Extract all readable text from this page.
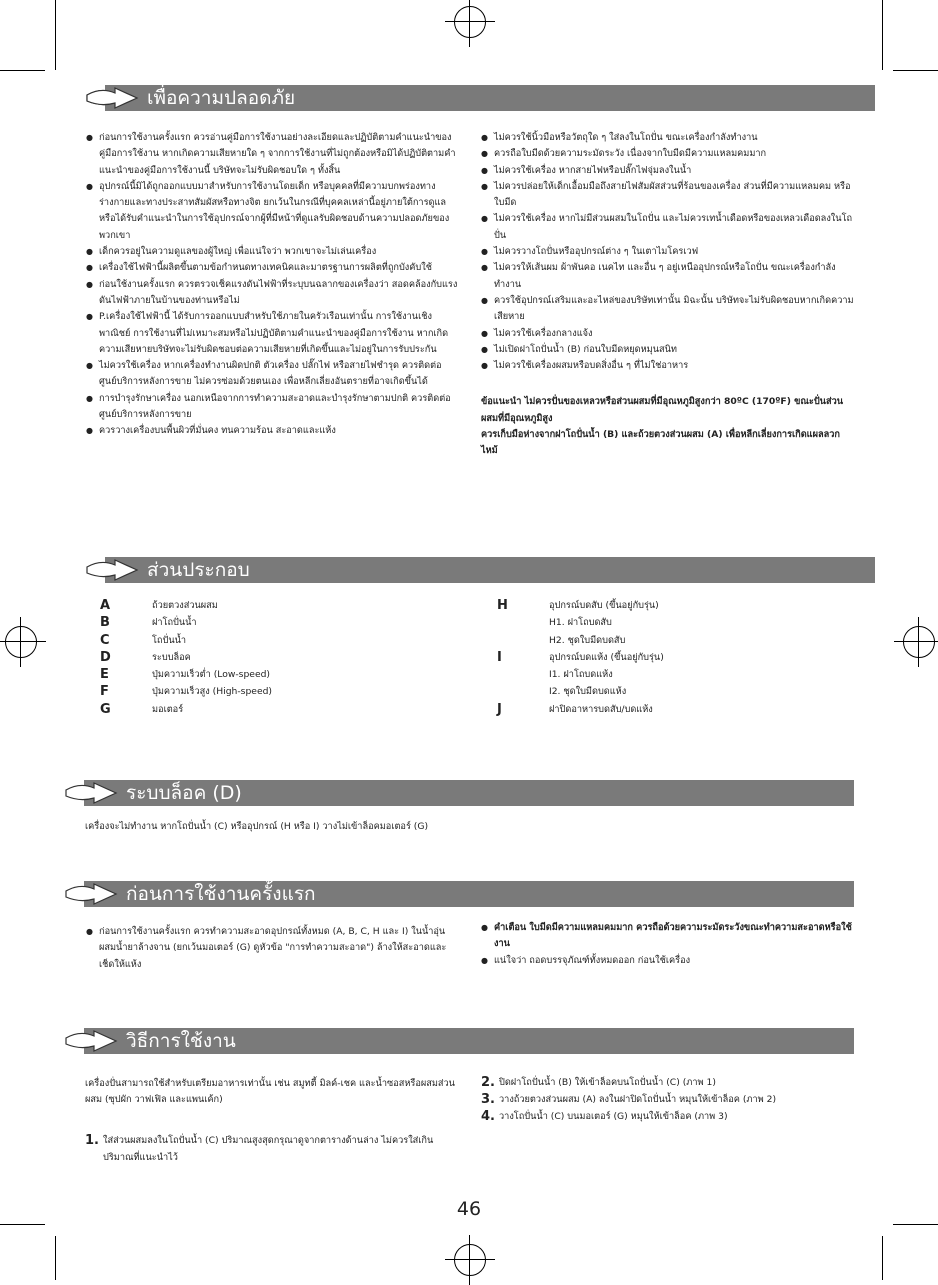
เพื่อความปลอดภัย
● ก่อนการใช้งานครั้งแรก ควรอ่านคู่มือการใช้งานอย่างละเอียดและปฏิบัติตามคำแนะนำของคู่มือการใช้งาน หากเกิดความเสียหายใด ๆ จากการใช้งานที่ไม่ถูกต้องหรือมิได้ปฏิบัติตามคำแนะนำของคู่มือการใช้งานนี้ บริษัทจะไม่รับผิดชอบใด ๆ ทั้งสิ้น
● อุปกรณ์นี้มิได้ถูกออกแบบมาสำหรับการใช้งานโดยเด็ก หรือบุคคลที่มีความบกพร่องทางร่างกายและทางประสาทสัมผัสหรือทางจิต ยกเว้นในกรณีที่บุคคลเหล่านี้อยู่ภายใต้การดูแลหรือได้รับคำแนะนำในการใช้อุปกรณ์จากผู้ที่มีหน้าที่ดูแลรับผิดชอบด้านความปลอดภัยของพวกเขา
● เด็กควรอยู่ในความดูแลของผู้ใหญ่ เพื่อแน่ใจว่า พวกเขาจะไม่เล่นเครื่อง
● เครื่องใช้ไฟฟ้านี้ผลิตขึ้นตามข้อกำหนดทางเทคนิคและมาตรฐานการผลิตที่ถูกบังคับใช้
● ก่อนใช้งานครั้งแรก ควรตรวจเช็คแรงดันไฟฟ้าที่ระบุบนฉลากของเครื่องว่า สอดคล้องกับแรงดันไฟฟ้าภายในบ้านของท่านหรือไม่
● P.เครื่องใช้ไฟฟ้านี้ ได้รับการออกแบบสำหรับใช้ภายในครัวเรือนเท่านั้น การใช้งานเชิงพาณิชย์ การใช้งานที่ไม่เหมาะสมหรือไม่ปฏิบัติตามคำแนะนำของคู่มือการใช้งาน หากเกิดความเสียหายบริษัทจะไม่รับผิดชอบต่อความเสียหายที่เกิดขึ้นและไม่อยู่ในการรับประกัน
● ไม่ควรใช้เครื่อง หากเครื่องทำงานผิดปกติ ตัวเครื่อง ปลั๊กไฟ หรือสายไฟชำรุด ควรติดต่อศูนย์บริการหลังการขาย ไม่ควรซ่อมด้วยตนเอง เพื่อหลีกเลี่ยงอันตรายที่อาจเกิดขึ้นได้
● การบำรุงรักษาเครื่อง นอกเหนือจากการทำความสะอาดและบำรุงรักษาตามปกติ ควรติดต่อศูนย์บริการหลังการขาย
● ควรวางเครื่องบนพื้นผิวที่มั่นคง ทนความร้อน สะอาดและแห้ง
● ไม่ควรใช้นิ้วมือหรือวัตถุใด ๆ ใส่ลงในโถปั่น ขณะเครื่องกำลังทำงาน
● ควรถือใบมีดด้วยความระมัดระวัง เนื่องจากใบมีดมีความแหลมคมมาก
● ไม่ควรใช้เครื่อง หากสายไฟหรือปลั๊กไฟจุ่มลงในน้ำ
● ไม่ควรปล่อยให้เด็กเอื้อมมือถึงสายไฟสัมผัสส่วนที่ร้อนของเครื่อง ส่วนที่มีความแหลมคม หรือใบมีด
● ไม่ควรใช้เครื่อง หากไม่มีส่วนผสมในโถปั่น และไม่ควรเทน้ำเดือดหรือของเหลวเดือดลงในโถปั่น
● ไม่ควรวางโถปั่นหรืออุปกรณ์ต่าง ๆ ในเตาไมโครเวฟ
● ไม่ควรให้เส้นผม ผ้าพันคอ เนคไท และอื่น ๆ อยู่เหนืออุปกรณ์หรือโถปั่น ขณะเครื่องกำลังทำงาน
● ควรใช้อุปกรณ์เสริมและอะไหล่ของบริษัทเท่านั้น มิฉะนั้น บริษัทจะไม่รับผิดชอบหากเกิดความเสียหาย
● ไม่ควรใช้เครื่องกลางแจ้ง
● ไม่เปิดฝาโถปั่นน้ำ (B) ก่อนใบมีดหยุดหมุนสนิท
● ไม่ควรใช้เครื่องผสมหรือบดสิ่งอื่น ๆ ที่ไม่ใช่อาหาร
ข้อแนะนำ ไม่ควรปั่นของเหลวหรือส่วนผสมที่มีอุณหภูมิสูงกว่า 80ºC (170ºF) ขณะปั่นส่วนผสมที่มีอุณหภูมิสูง
ควรเก็บมือห่างจากฝาโถปั่นน้ำ (B) และถ้วยตวงส่วนผสม (A) เพื่อหลีกเลี่ยงการเกิดแผลลวกไหม้
ส่วนประกอบ
A	ถ้วยตวงส่วนผสม
B	ฝาโถปั่นน้ำ
C	โถปั่นน้ำ
D	ระบบล็อค
E	ปุ่มความเร็วต่ำ (Low-speed)
F	ปุ่มความเร็วสูง (High-speed)
G	มอเตอร์
H	อุปกรณ์บดสับ (ขึ้นอยู่กับรุ่น)
H1. ฝาโถบดสับ
H2. ชุดใบมีดบดสับ
I	อุปกรณ์บดแห้ง (ขึ้นอยู่กับรุ่น)
I1. ฝาโถบดแห้ง
I2. ชุดใบมีดบดแห้ง
J	ฝาปิดอาหารบดสับ/บดแห้ง
ระบบล็อค (D)
เครื่องจะไม่ทำงาน หากโถปั่นน้ำ (C) หรืออุปกรณ์ (H หรือ I) วางไม่เข้าล็อคมอเตอร์ (G)
ก่อนการใช้งานครั้งแรก
● ก่อนการใช้งานครั้งแรก ควรทำความสะอาดอุปกรณ์ทั้งหมด (A, B, C, H และ I) ในน้ำอุ่นผสมน้ำยาล้างจาน (ยกเว้นมอเตอร์ (G) ดูหัวข้อ "การทำความสะอาด") ล้างให้สะอาดและเช็ดให้แห้ง
● คำเตือน ใบมีดมีความแหลมคมมาก ควรถือด้วยความระมัดระวังขณะทำความสะอาดหรือใช้งาน
● แน่ใจว่า ถอดบรรจุภัณฑ์ทั้งหมดออก ก่อนใช้เครื่อง
วิธีการใช้งาน
เครื่องปั่นสามารถใช้สำหรับเตรียมอาหารเท่านั้น เช่น สมูทตี้ มิลค์-เชค และน้ำซอสหรือผสมส่วนผสม (ซุปผัก วาฟเฟิล และแพนเค้ก)
1. ใส่ส่วนผสมลงในโถปั่นน้ำ (C) ปริมาณสูงสุดกรุณาดูจากตารางด้านล่าง ไม่ควรใส่เกินปริมาณที่แนะนำไว้
2. ปิดฝาโถปั่นน้ำ (B) ให้เข้าล็อคบนโถปั่นน้ำ (C) (ภาพ 1)
3. วางถ้วยตวงส่วนผสม (A) ลงในฝาปิดโถปั่นน้ำ หมุนให้เข้าล็อค (ภาพ 2)
4. วางโถปั่นน้ำ (C) บนมอเตอร์ (G) หมุนให้เข้าล็อค (ภาพ 3)
46
